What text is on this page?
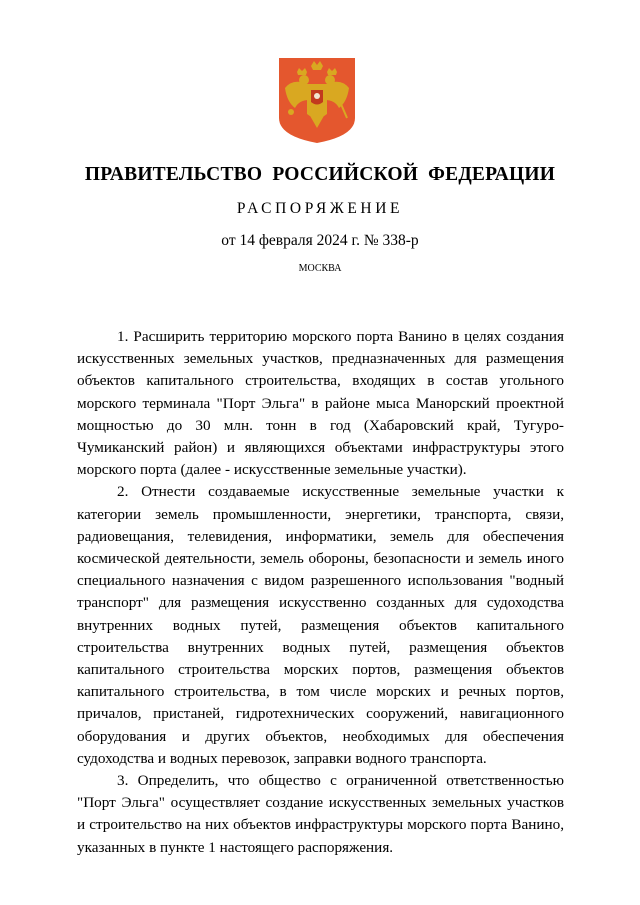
ПРАВИТЕЛЬСТВО РОССИЙСКОЙ ФЕДЕРАЦИИ
РАСПОРЯЖЕНИЕ
от 14 февраля 2024 г. № 338-р
МОСКВА

1. Расширить территорию морского порта Ванино в целях создания искусственных земельных участков, предназначенных для размещения объектов капитального строительства, входящих в состав угольного морского терминала "Порт Эльга" в районе мыса Манорский проектной мощностью до 30 млн. тонн в год (Хабаровский край, Тугуро-Чумиканский район) и являющихся объектами инфраструктуры этого морского порта (далее - искусственные земельные участки).

2. Отнести создаваемые искусственные земельные участки к категории земель промышленности, энергетики, транспорта, связи, радиовещания, телевидения, информатики, земель для обеспечения космической деятельности, земель обороны, безопасности и земель иного специального назначения с видом разрешенного использования "водный транспорт" для размещения искусственно созданных для судоходства внутренних водных путей, размещения объектов капитального строительства внутренних водных путей, размещения объектов капитального строительства морских портов, размещения объектов капитального строительства, в том числе морских и речных портов, причалов, пристаней, гидротехнических сооружений, навигационного оборудования и других объектов, необходимых для обеспечения судоходства и водных перевозок, заправки водного транспорта.

3. Определить, что общество с ограниченной ответственностью "Порт Эльга" осуществляет создание искусственных земельных участков и строительство на них объектов инфраструктуры морского порта Ванино, указанных в пункте 1 настоящего распоряжения.
